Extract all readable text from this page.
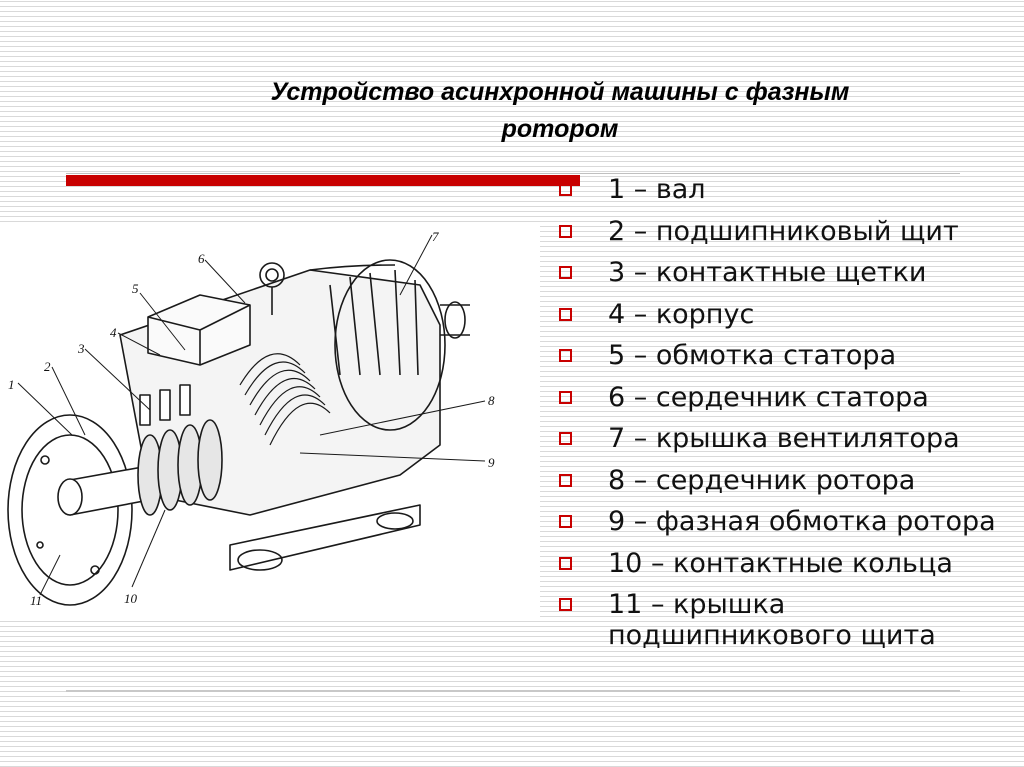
Устройство асинхронной машины с фазным
ротором
1
2
3
4
5
6
7
8
9
10
11
1 – вал
2 – подшипниковый щит
3 – контактные щетки
4 – корпус
5 – обмотка статора
6 – сердечник статора
7 – крышка вентилятора
8 – сердечник ротора
9 – фазная обмотка ротора
10 – контактные кольца
11 – крышка подшипникового щита
